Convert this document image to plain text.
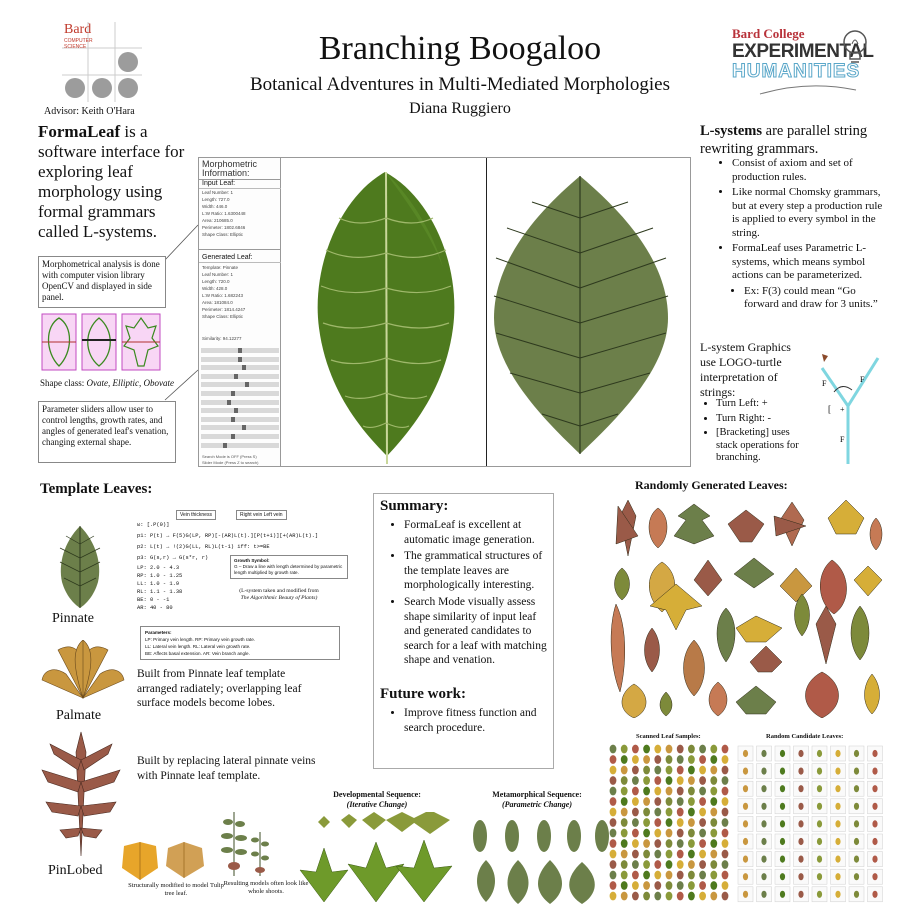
Bard
COMPUTER
SCIENCE
Advisor: Keith O'Hara
Branching Boogaloo
Botanical Adventures in Multi-Mediated Morphologies
Diana Ruggiero
Bard College
EXPERIMENTAL
HUMANITIES
FormaLeaf is a software interface for exploring leaf morphology using formal grammars called L-systems.
Morphometrical analysis is done with computer vision library OpenCV and displayed in side panel.
Shape class: Ovate, Elliptic, Obovate
Parameter sliders allow user to control lengths, growth rates, and angles of generated leaf's venation, changing external shape.
Morphometric
Information:
Input Leaf:
Leaf Number: 1
Length: 727.0
Width: 446.0
L:W Ratio: 1.6300448
Area: 210685.0
Perimeter: 1802.6846
Shape Class: Elliptic
Generated Leaf:
Template: Pinnate
Leaf Number: 1
Length: 720.0
Width: 428.0
L:W Ratio: 1.682243
Area: 181084.0
Perimeter: 1814.4247
Shape Class: Elliptic
Similarity: 94.12277
Search Mode is OFF (Press S)
Slider Mode (Press Z to search)
L-systems are parallel string rewriting grammars.
• Consist of axiom and set of production rules.
• Like normal Chomsky grammars, but at every step a production rule is applied to every symbol in the string.
• FormaLeaf uses Parametric L-systems, which means symbol actions can be parameterized.
• Ex: F(3) could mean “Go forward and draw for 3 units.”
L-system Graphics use LOGO-turtle interpretation of strings:
• Turn Left: +
• Turn Right: -
• [Bracketing] uses stack operations for branching.
F
F
F
[ +
Template Leaves:
Pinnate
Palmate
Built from Pinnate leaf template arranged radiately; overlapping leaf surface models become lobes.
PinLobed
Built by replacing lateral pinnate veins with Pinnate leaf template.
Structurally modified to model Tulip tree leaf.
Resulting models often look like whole shoots.
ω: [.P(0)]
p1: P(t) → F(5)G(LP, RP)[-(AR)L(t).][P(t+1)][+(AR)L(t).]
p2: L(t) → !(2)G(LL, RL)L(t-1) iff: t>=BE
p3: G(s,r) → G(s*r, r)
LP: 2.0 - 4.3
RP: 1.0 - 1.25
LL: 1.0 - 1.9
RL: 1.1 - 1.38
BE: 0 - -1
AR: 40 - 80
Vein thickness	Right vein Left vein
Growth Symbol:
G – Draw a line with length determined by parametric length multiplied by growth rate.
(L-system taken and modified from
The Algorithmic Beauty of Plants)
Parameters:
LP: Primary vein length. RP: Primary vein growth rate.
LL: Lateral vein length. RL: Lateral vein growth rate.
BE: Affects basal extension. AR: Vein branch angle.
Summary:
• FormaLeaf is excellent at automatic image generation.
• The grammatical structures of the template leaves are morphologically interesting.
• Search Mode visually assess shape similarity of input leaf and generated candidates to search for a leaf with matching shape and venation.
Future work:
• Improve fitness function and search procedure.
Developmental Sequence:
(Iterative Change)
Metamorphical Sequence:
(Parametric Change)
Randomly Generated Leaves:
Scanned Leaf Samples:	Random Candidate Leaves:
